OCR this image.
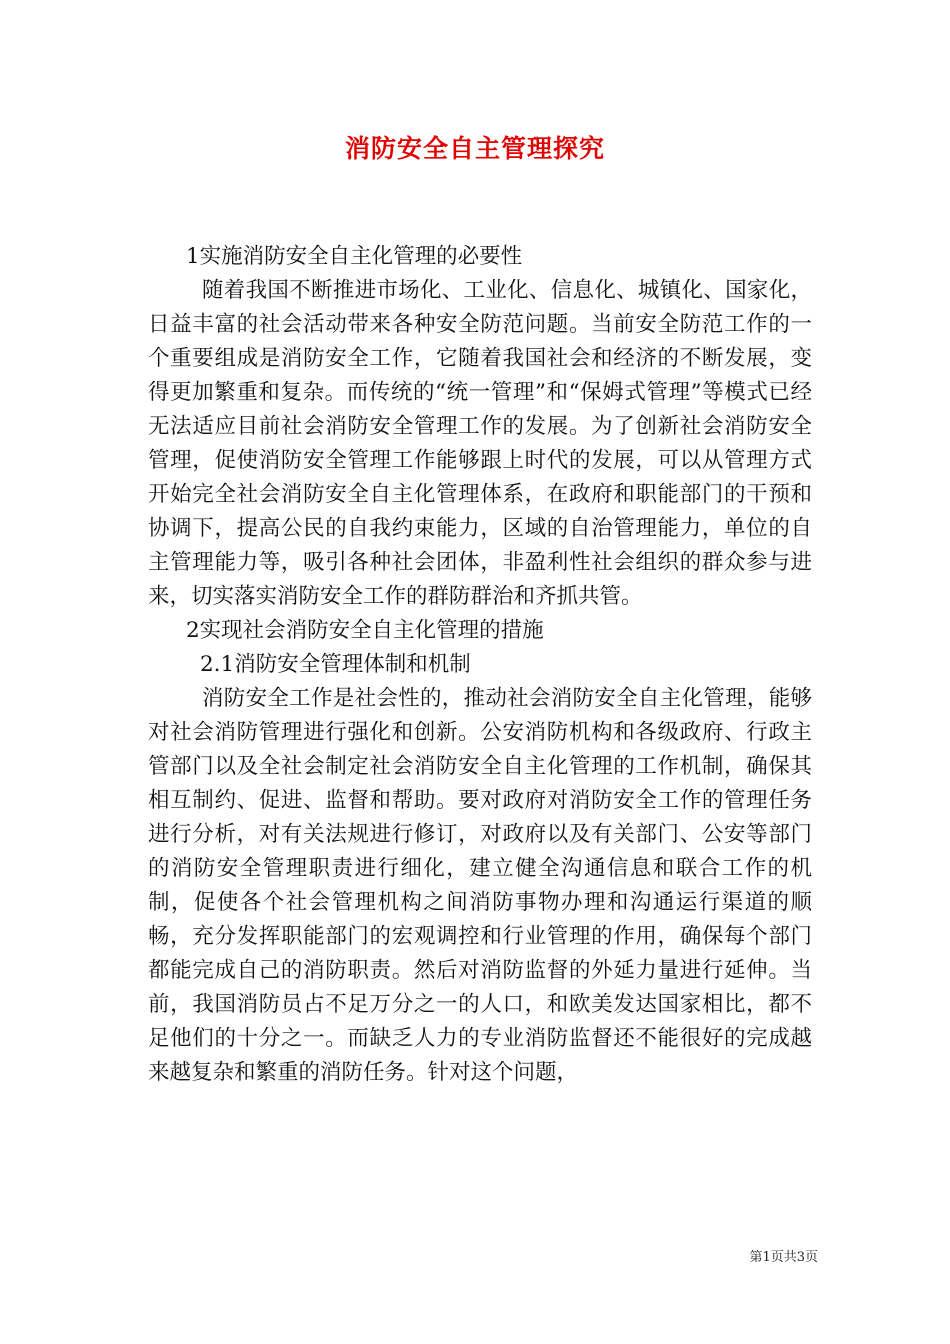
消防安全自主管理探究

1实施消防安全自主化管理的必要性

随着我国不断推进市场化、工业化、信息化、城镇化、国家化，日益丰富的社会活动带来各种安全防范问题。当前安全防范工作的一个重要组成是消防安全工作，它随着我国社会和经济的不断发展，变得更加繁重和复杂。而传统的“统一管理”和“保姆式管理”等模式已经无法适应目前社会消防安全管理工作的发展。为了创新社会消防安全管理，促使消防安全管理工作能够跟上时代的发展，可以从管理方式开始完全社会消防安全自主化管理体系，在政府和职能部门的干预和协调下，提高公民的自我约束能力，区域的自治管理能力，单位的自主管理能力等，吸引各种社会团体，非盈利性社会组织的群众参与进来，切实落实消防安全工作的群防群治和齐抓共管。

2实现社会消防安全自主化管理的措施

2.1消防安全管理体制和机制

消防安全工作是社会性的，推动社会消防安全自主化管理，能够对社会消防管理进行强化和创新。公安消防机构和各级政府、行政主管部门以及全社会制定社会消防安全自主化管理的工作机制，确保其相互制约、促进、监督和帮助。要对政府对消防安全工作的管理任务进行分析，对有关法规进行修订，对政府以及有关部门、公安等部门的消防安全管理职责进行细化，建立健全沟通信息和联合工作的机制，促使各个社会管理机构之间消防事物办理和沟通运行渠道的顺畅，充分发挥职能部门的宏观调控和行业管理的作用，确保每个部门都能完成自己的消防职责。然后对消防监督的外延力量进行延伸。当前，我国消防员占不足万分之一的人口，和欧美发达国家相比，都不足他们的十分之一。而缺乏人力的专业消防监督还不能很好的完成越来越复杂和繁重的消防任务。针对这个问题，

第1页共3页
